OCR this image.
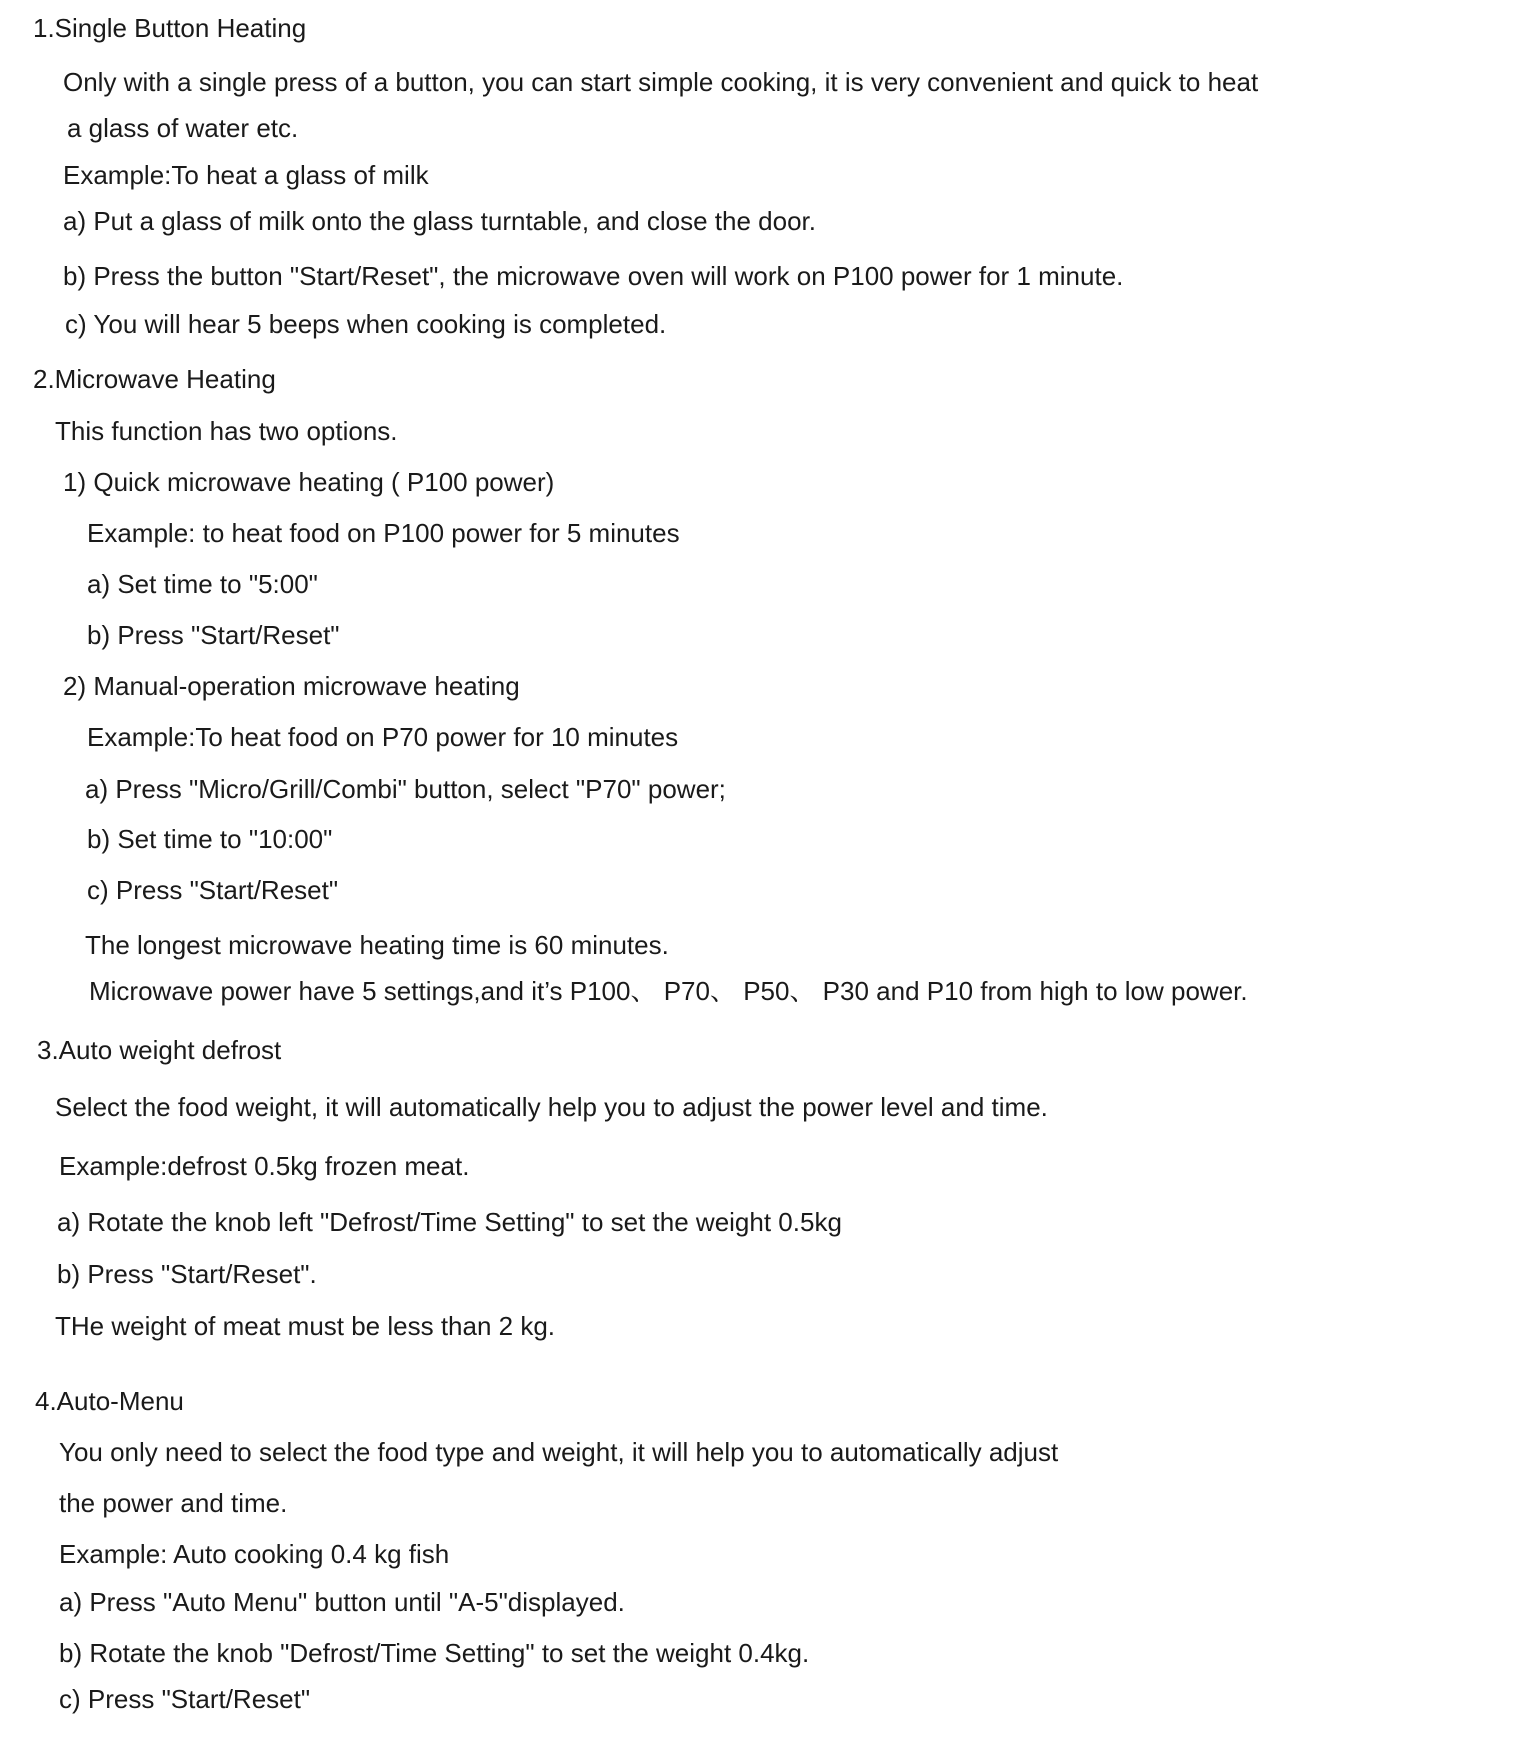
1.Single Button Heating
Only with a single press of a button, you can start simple cooking, it is very convenient and quick to heat
a glass of water etc.
Example:To heat a glass of milk
a) Put a glass of milk onto the glass turntable, and close the door.
b) Press the button "Start/Reset", the microwave oven will work on P100 power for 1 minute.
c) You will hear 5 beeps when cooking is completed.
2.Microwave Heating
This function has two options.
1) Quick microwave heating ( P100 power)
Example: to heat food on P100 power for 5 minutes
a) Set time to "5:00"
b) Press "Start/Reset"
2) Manual-operation microwave heating
Example:To heat food on P70 power for 10 minutes
a) Press "Micro/Grill/Combi" button, select "P70" power;
b) Set time to "10:00"
c) Press "Start/Reset"
The longest microwave heating time is 60 minutes.
Microwave power have 5 settings,and it’s P100、 P70、 P50、 P30 and P10 from high to low power.
3.Auto weight defrost
Select the food weight, it will automatically help you to adjust the power level and time.
Example:defrost 0.5kg frozen meat.
a) Rotate the knob left "Defrost/Time Setting" to set the weight 0.5kg
b) Press "Start/Reset".
THe weight of meat must be less than 2 kg.
4.Auto-Menu
You only need to select the food type and weight, it will help you to automatically adjust
the power and time.
Example: Auto cooking 0.4 kg fish
a) Press "Auto Menu" button until "A-5"displayed.
b) Rotate the knob "Defrost/Time Setting" to set the weight 0.4kg.
c) Press "Start/Reset"
